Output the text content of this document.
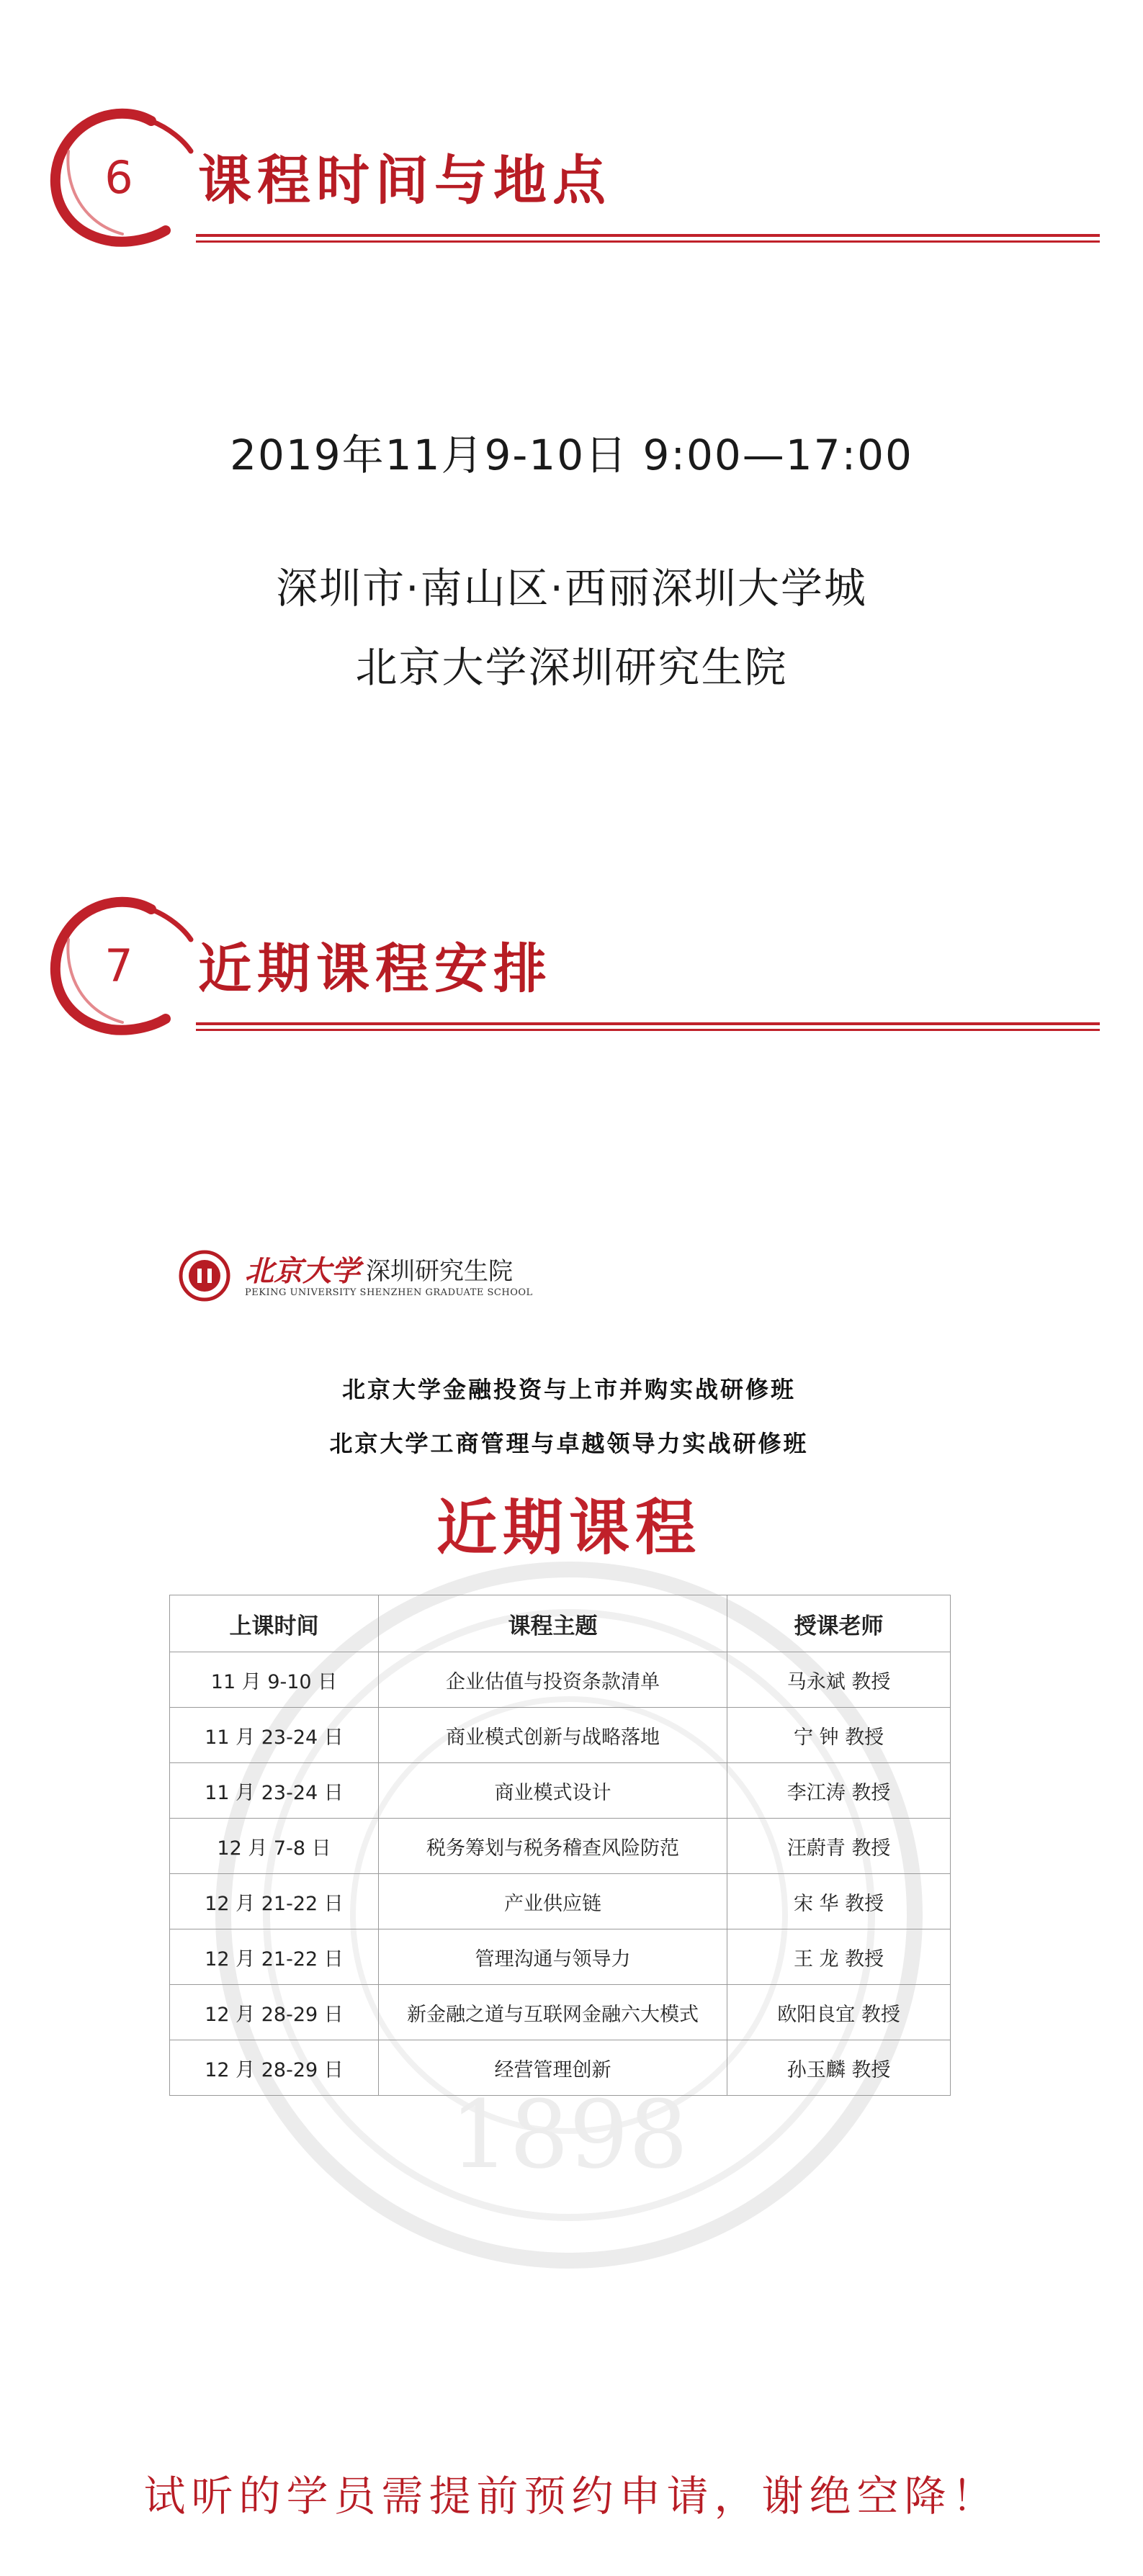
6 课程时间与地点
2019年11月9-10日 9:00—17:00
深圳市·南山区·西丽深圳大学城
北京大学深圳研究生院
7 近期课程安排
1898
北京大学 深圳研究生院
PEKING UNIVERSITY SHENZHEN GRADUATE SCHOOL
北京大学金融投资与上市并购实战研修班
北京大学工商管理与卓越领导力实战研修班
近期课程
上课时间	课程主题	授课老师
11 月 9-10 日	企业估值与投资条款清单	马永斌 教授
11 月 23-24 日	商业模式创新与战略落地	宁 钟 教授
11 月 23-24 日	商业模式设计	李江涛 教授
12 月 7-8 日	税务筹划与税务稽查风险防范	汪蔚青 教授
12 月 21-22 日	产业供应链	宋 华 教授
12 月 21-22 日	管理沟通与领导力	王 龙 教授
12 月 28-29 日	新金融之道与互联网金融六大模式	欧阳良宜 教授
12 月 28-29 日	经营管理创新	孙玉麟 教授
试听的学员需提前预约申请，谢绝空降！
